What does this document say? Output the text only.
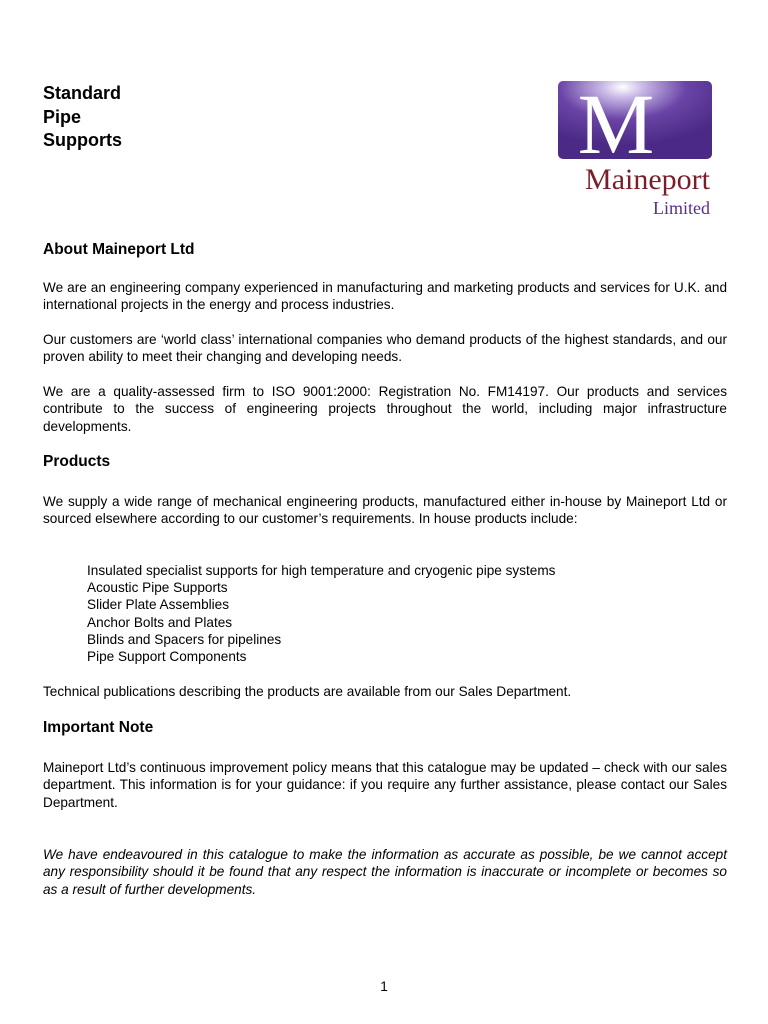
Standard
Pipe
Supports	M
Maineport
Limited
About Maineport Ltd

We are an engineering company experienced in manufacturing and marketing products and services for U.K. and international projects in the energy and process industries.

Our customers are ‘world class’ international companies who demand products of the highest standards, and our proven ability to meet their changing and developing needs.

We are a quality-assessed firm to ISO 9001:2000: Registration No. FM14197. Our products and services contribute to the success of engineering projects throughout the world, including major infrastructure developments.

Products

We supply a wide range of mechanical engineering products, manufactured either in-house by Maineport Ltd or sourced elsewhere according to our customer’s requirements. In house products include:

Insulated specialist supports for high temperature and cryogenic pipe systems
Acoustic Pipe Supports
Slider Plate Assemblies
Anchor Bolts and Plates
Blinds and Spacers for pipelines
Pipe Support Components

Technical publications describing the products are available from our Sales Department.

Important Note

Maineport Ltd’s continuous improvement policy means that this catalogue may be updated – check with our sales department. This information is for your guidance: if you require any further assistance, please contact our Sales Department.

We have endeavoured in this catalogue to make the information as accurate as possible, be we cannot accept any responsibility should it be found that any respect the information is inaccurate or incomplete or becomes so as a result of further developments.

1
